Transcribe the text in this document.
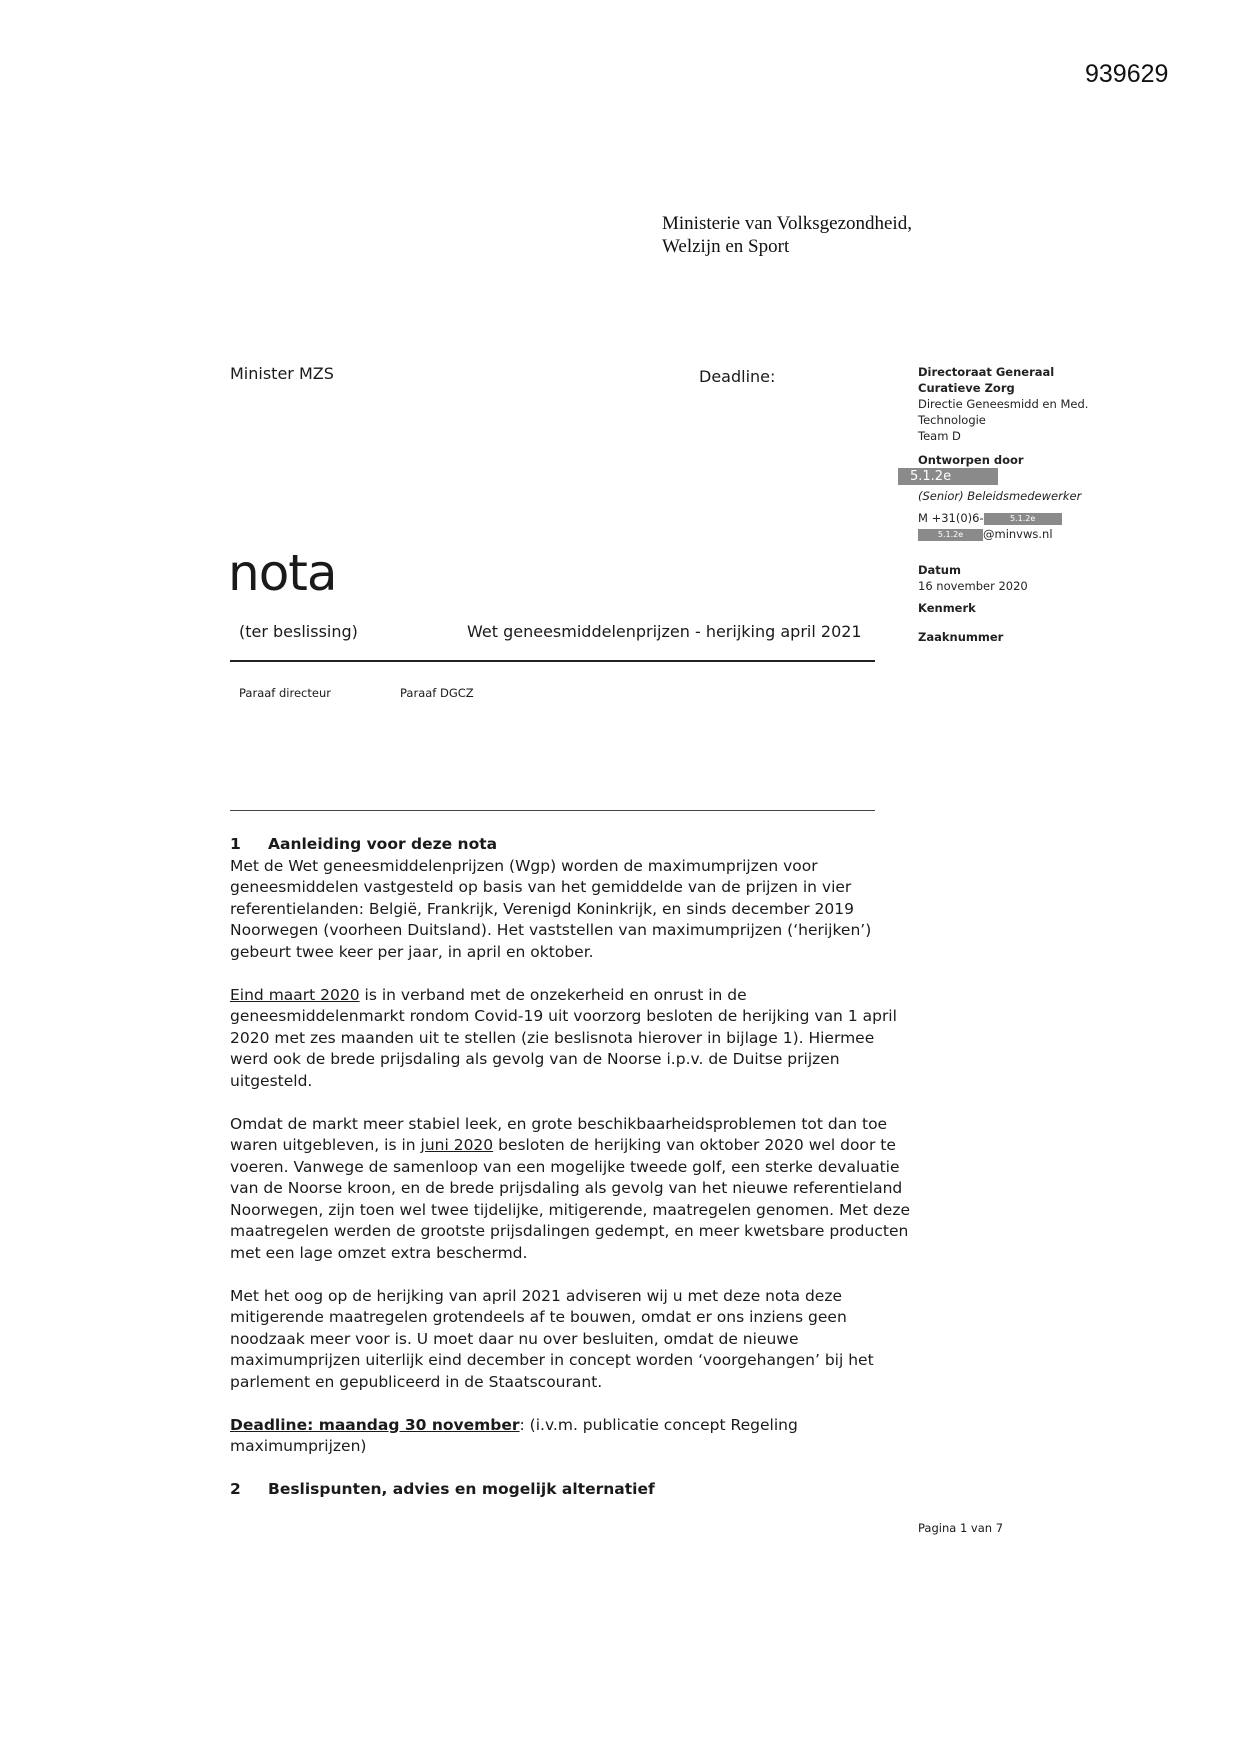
939629
Ministerie van Volksgezondheid,
Welzijn en Sport
Minister MZS	Deadline:	Directoraat Generaal
Curatieve Zorg
Directie Geneesmidd en Med.
Technologie
Team D
Ontworpen door
5.1.2e
(Senior) Beleidsmedewerker
M +31(0)6-	5.1.2e
5.1.2e @minvws.nl
Datum
16 november 2020
Kenmerk
Zaaknummer
nota
(ter beslissing)	Wet geneesmiddelenprijzen - herijking april 2021
Paraaf directeur	Paraaf DGCZ
1 Aanleiding voor deze nota

Met de Wet geneesmiddelenprijzen (Wgp) worden de maximumprijzen voor geneesmiddelen vastgesteld op basis van het gemiddelde van de prijzen in vier referentielanden: België, Frankrijk, Verenigd Koninkrijk, en sinds december 2019 Noorwegen (voorheen Duitsland). Het vaststellen van maximumprijzen (‘herijken’) gebeurt twee keer per jaar, in april en oktober.

Eind maart 2020 is in verband met de onzekerheid en onrust in de geneesmiddelenmarkt rondom Covid-19 uit voorzorg besloten de herijking van 1 april 2020 met zes maanden uit te stellen (zie beslisnota hierover in bijlage 1). Hiermee werd ook de brede prijsdaling als gevolg van de Noorse i.p.v. de Duitse prijzen uitgesteld.

Omdat de markt meer stabiel leek, en grote beschikbaarheidsproblemen tot dan toe waren uitgebleven, is in juni 2020 besloten de herijking van oktober 2020 wel door te voeren. Vanwege de samenloop van een mogelijke tweede golf, een sterke devaluatie van de Noorse kroon, en de brede prijsdaling als gevolg van het nieuwe referentieland Noorwegen, zijn toen wel twee tijdelijke, mitigerende, maatregelen genomen. Met deze maatregelen werden de grootste prijsdalingen gedempt, en meer kwetsbare producten met een lage omzet extra beschermd.

Met het oog op de herijking van april 2021 adviseren wij u met deze nota deze mitigerende maatregelen grotendeels af te bouwen, omdat er ons inziens geen noodzaak meer voor is. U moet daar nu over besluiten, omdat de nieuwe maximumprijzen uiterlijk eind december in concept worden ‘voorgehangen’ bij het parlement en gepubliceerd in de Staatscourant.

Deadline: maandag 30 november: (i.v.m. publicatie concept Regeling maximumprijzen)

2 Beslispunten, advies en mogelijk alternatief
Pagina 1 van 7
